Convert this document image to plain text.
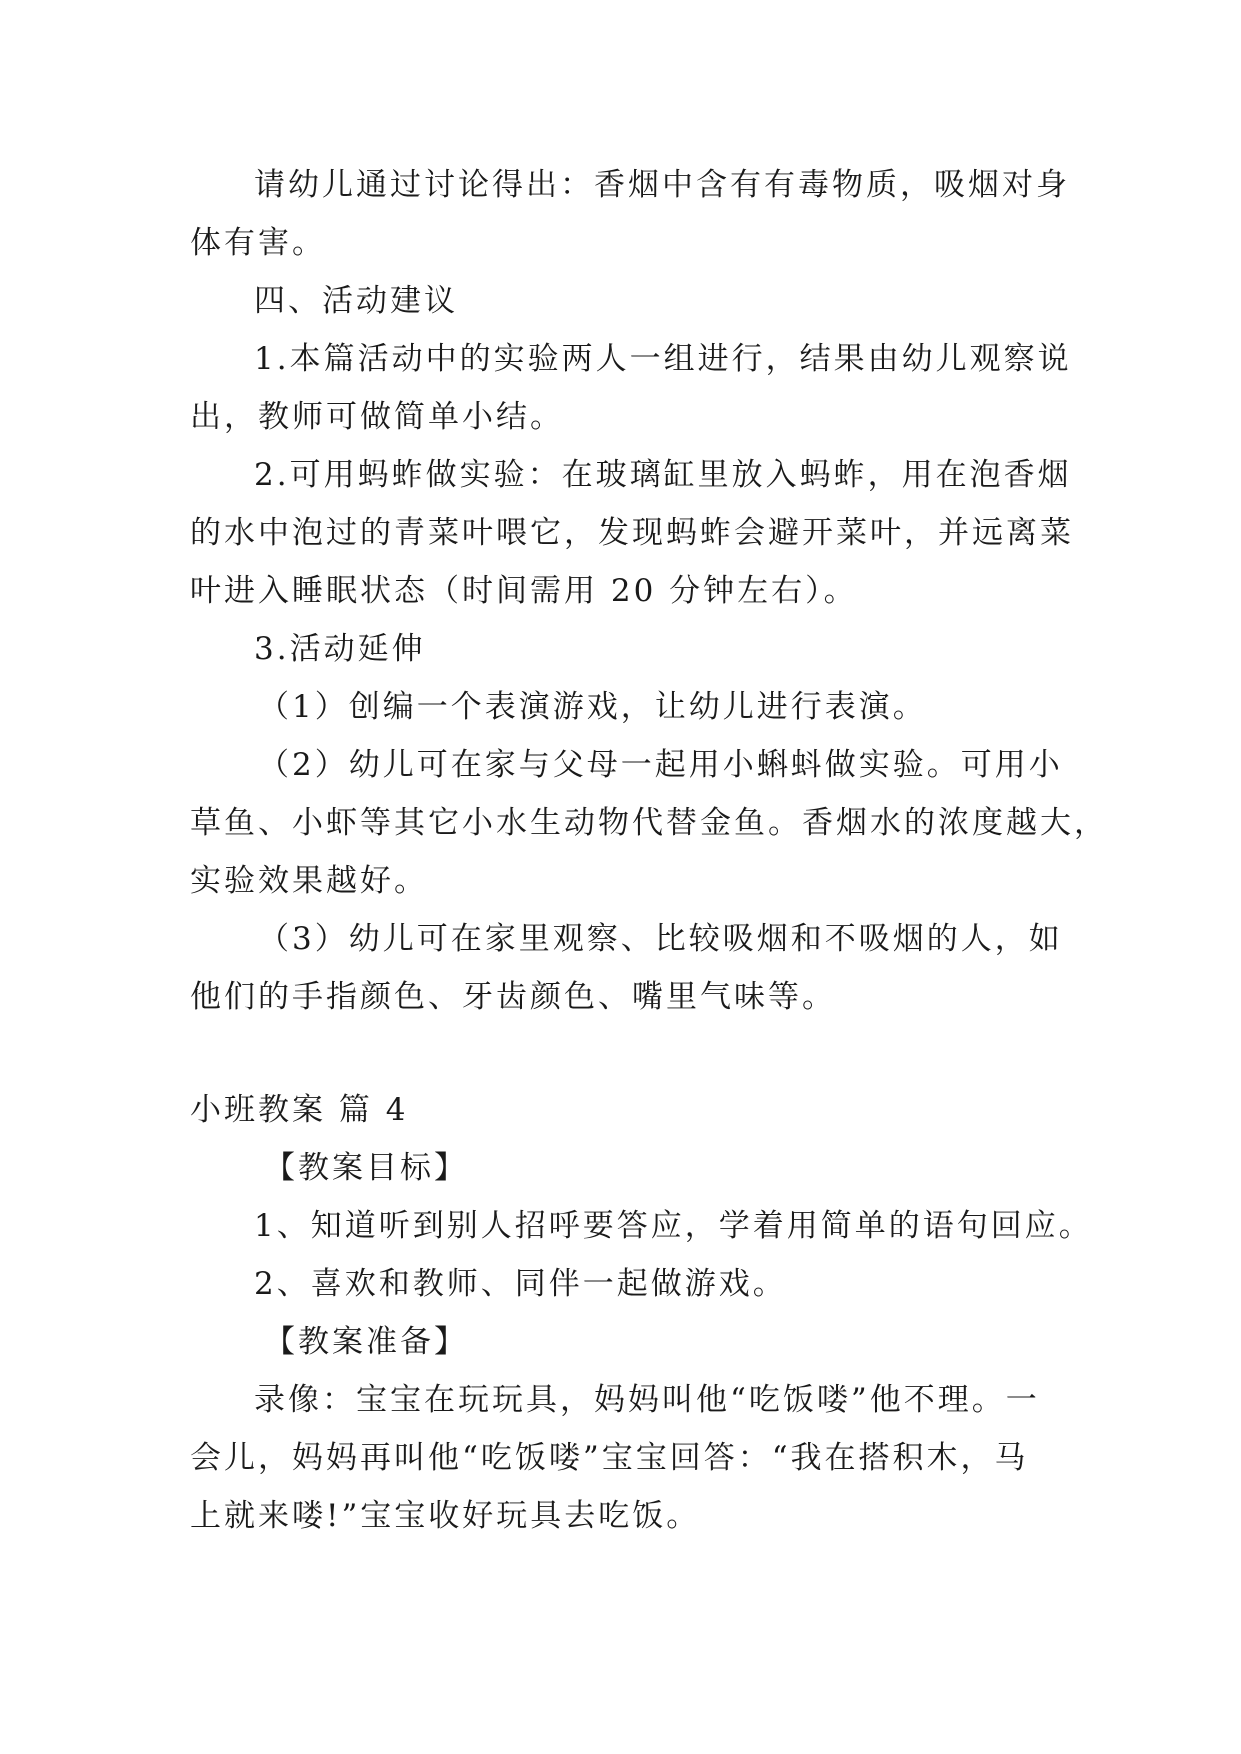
请幼儿通过讨论得出：香烟中含有有毒物质，吸烟对身
体有害。
四、活动建议
1.本篇活动中的实验两人一组进行，结果由幼儿观察说
出，教师可做简单小结。
2.可用蚂蚱做实验：在玻璃缸里放入蚂蚱，用在泡香烟
的水中泡过的青菜叶喂它，发现蚂蚱会避开菜叶，并远离菜
叶进入睡眠状态（时间需用 20 分钟左右）。
3.活动延伸
（1）创编一个表演游戏，让幼儿进行表演。
（2）幼儿可在家与父母一起用小蝌蚪做实验。可用小
草鱼、小虾等其它小水生动物代替金鱼。香烟水的浓度越大，
实验效果越好。
（3）幼儿可在家里观察、比较吸烟和不吸烟的人，如
他们的手指颜色、牙齿颜色、嘴里气味等。
小班教案 篇 4
【教案目标】
1、知道听到别人招呼要答应，学着用简单的语句回应。
2、喜欢和教师、同伴一起做游戏。
【教案准备】
录像：宝宝在玩玩具，妈妈叫他“吃饭喽”他不理。一
会儿，妈妈再叫他“吃饭喽”宝宝回答：“我在搭积木，马
上就来喽!”宝宝收好玩具去吃饭。
